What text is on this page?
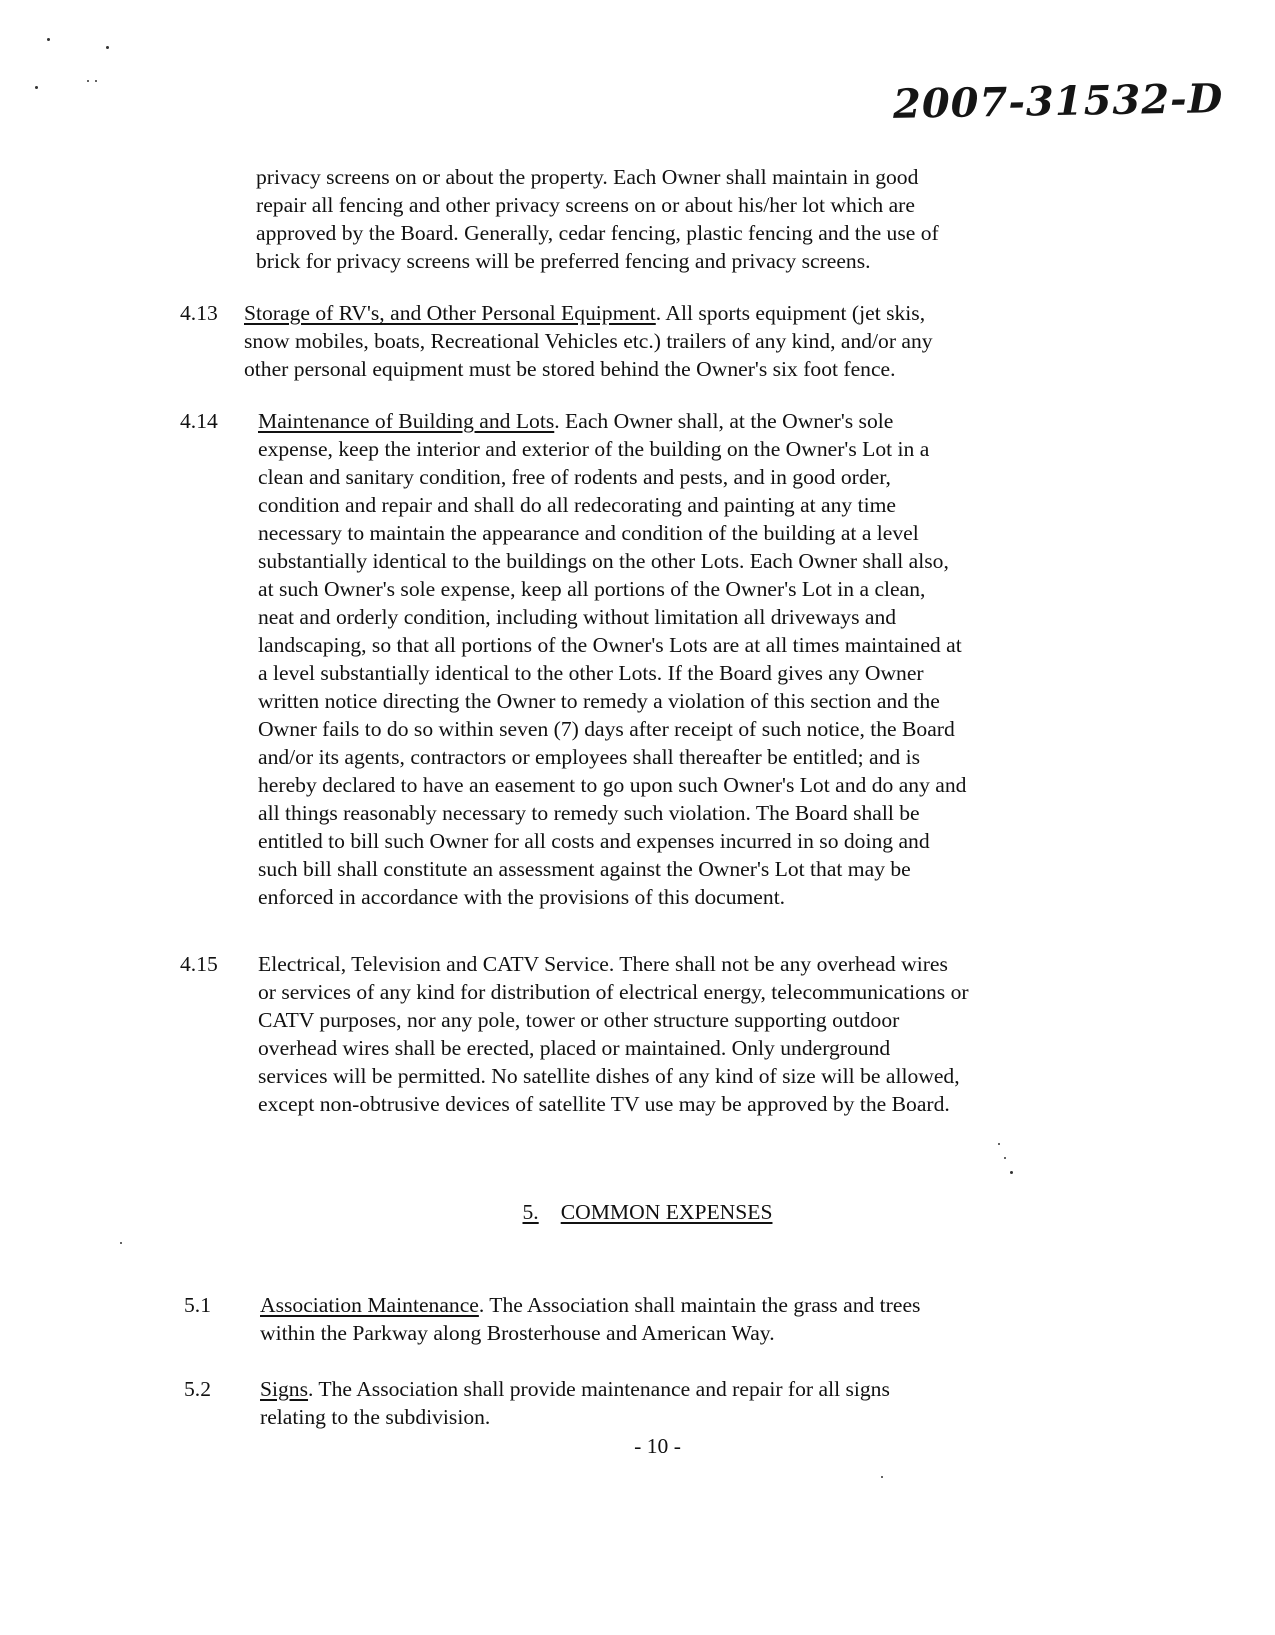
2007-31532-D
privacy screens on or about the property. Each Owner shall maintain in good
repair all fencing and other privacy screens on or about his/her lot which are
approved by the Board. Generally, cedar fencing, plastic fencing and the use of
brick for privacy screens will be preferred fencing and privacy screens.
4.13 Storage of RV's, and Other Personal Equipment. All sports equipment (jet skis,
snow mobiles, boats, Recreational Vehicles etc.) trailers of any kind, and/or any
other personal equipment must be stored behind the Owner's six foot fence.
4.14 Maintenance of Building and Lots. Each Owner shall, at the Owner's sole
expense, keep the interior and exterior of the building on the Owner's Lot in a
clean and sanitary condition, free of rodents and pests, and in good order,
condition and repair and shall do all redecorating and painting at any time
necessary to maintain the appearance and condition of the building at a level
substantially identical to the buildings on the other Lots. Each Owner shall also,
at such Owner's sole expense, keep all portions of the Owner's Lot in a clean,
neat and orderly condition, including without limitation all driveways and
landscaping, so that all portions of the Owner's Lots are at all times maintained at
a level substantially identical to the other Lots. If the Board gives any Owner
written notice directing the Owner to remedy a violation of this section and the
Owner fails to do so within seven (7) days after receipt of such notice, the Board
and/or its agents, contractors or employees shall thereafter be entitled; and is
hereby declared to have an easement to go upon such Owner's Lot and do any and
all things reasonably necessary to remedy such violation. The Board shall be
entitled to bill such Owner for all costs and expenses incurred in so doing and
such bill shall constitute an assessment against the Owner's Lot that may be
enforced in accordance with the provisions of this document.
4.15 Electrical, Television and CATV Service. There shall not be any overhead wires
or services of any kind for distribution of electrical energy, telecommunications or
CATV purposes, nor any pole, tower or other structure supporting outdoor
overhead wires shall be erected, placed or maintained. Only underground
services will be permitted. No satellite dishes of any kind of size will be allowed,
except non-obtrusive devices of satellite TV use may be approved by the Board.
5. COMMON EXPENSES
5.1 Association Maintenance. The Association shall maintain the grass and trees
within the Parkway along Brosterhouse and American Way.
5.2 Signs. The Association shall provide maintenance and repair for all signs
relating to the subdivision.
- 10 -
